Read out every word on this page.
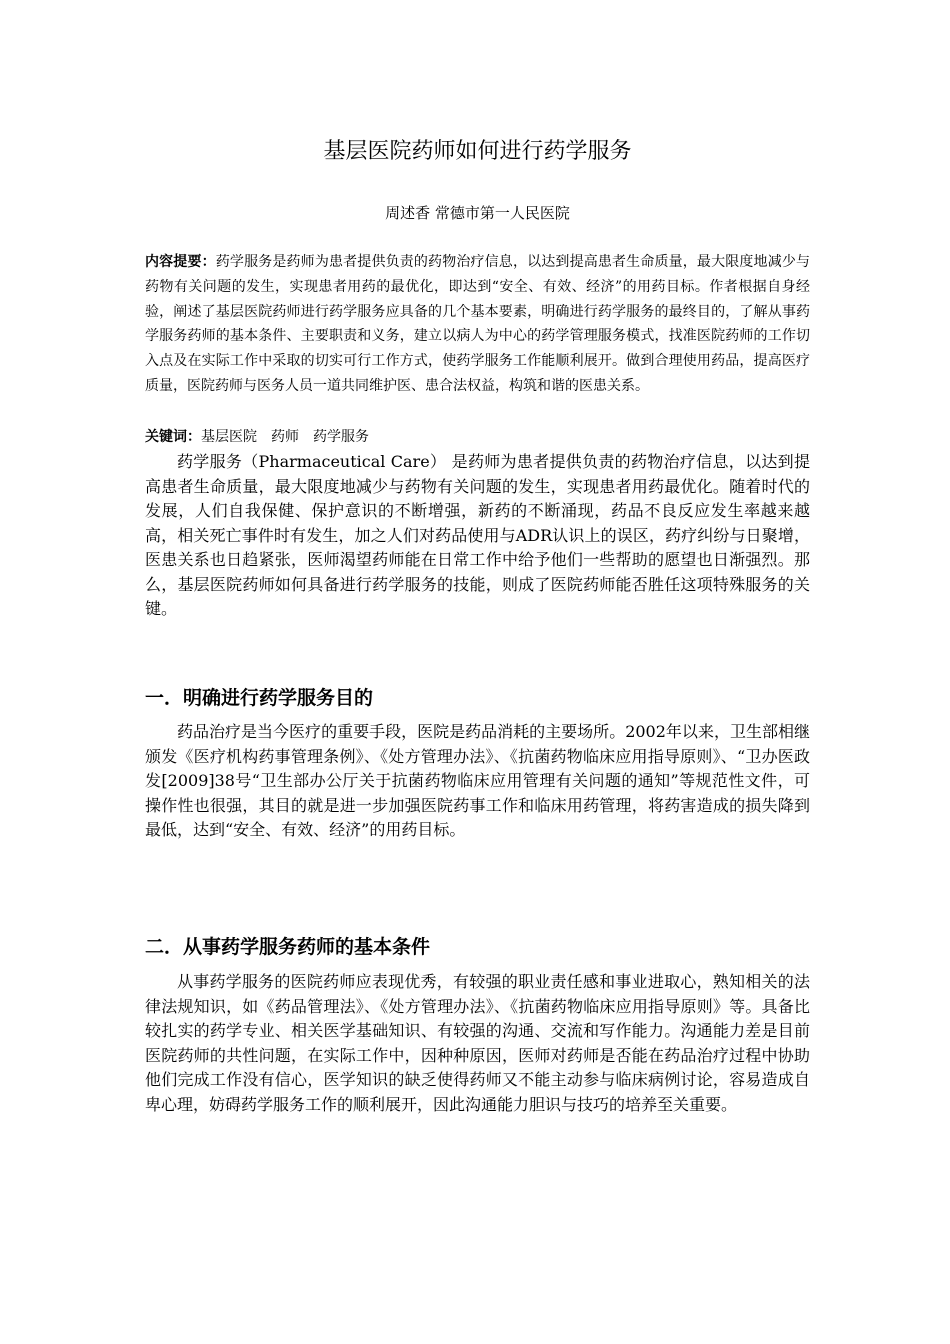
基层医院药师如何进行药学服务
周述香 常德市第一人民医院

内容提要：药学服务是药师为患者提供负责的药物治疗信息，以达到提高患者生命质量，最大限度地减少与药物有关问题的发生，实现患者用药的最优化，即达到“安全、有效、经济”的用药目标。作者根据自身经验，阐述了基层医院药师进行药学服务应具备的几个基本要素，明确进行药学服务的最终目的，了解从事药学服务药师的基本条件、主要职责和义务，建立以病人为中心的药学管理服务模式，找准医院药师的工作切入点及在实际工作中采取的切实可行工作方式，使药学服务工作能顺利展开。做到合理使用药品，提高医疗质量，医院药师与医务人员一道共同维护医、患合法权益，构筑和谐的医患关系。

关键词：基层医院 药师 药学服务

药学服务（Pharmaceutical Care） 是药师为患者提供负责的药物治疗信息，以达到提高患者生命质量，最大限度地减少与药物有关问题的发生，实现患者用药最优化。随着时代的发展，人们自我保健、保护意识的不断增强，新药的不断涌现，药品不良反应发生率越来越高，相关死亡事件时有发生，加之人们对药品使用与ADR认识上的误区，药疗纠纷与日聚增，医患关系也日趋紧张，医师渴望药师能在日常工作中给予他们一些帮助的愿望也日渐强烈。那么，基层医院药师如何具备进行药学服务的技能，则成了医院药师能否胜任这项特殊服务的关键。

一．明确进行药学服务目的

药品治疗是当今医疗的重要手段，医院是药品消耗的主要场所。2002年以来，卫生部相继颁发《医疗机构药事管理条例》、《处方管理办法》、《抗菌药物临床应用指导原则》、“卫办医政发[2009]38号“卫生部办公厅关于抗菌药物临床应用管理有关问题的通知”等规范性文件，可操作性也很强，其目的就是进一步加强医院药事工作和临床用药管理，将药害造成的损失降到最低，达到“安全、有效、经济”的用药目标。

二．从事药学服务药师的基本条件

从事药学服务的医院药师应表现优秀，有较强的职业责任感和事业进取心，熟知相关的法律法规知识，如《药品管理法》、《处方管理办法》、《抗菌药物临床应用指导原则》等。具备比较扎实的药学专业、相关医学基础知识、有较强的沟通、交流和写作能力。沟通能力差是目前医院药师的共性问题，在实际工作中，因种种原因，医师对药师是否能在药品治疗过程中协助他们完成工作没有信心，医学知识的缺乏使得药师又不能主动参与临床病例讨论，容易造成自卑心理，妨碍药学服务工作的顺利展开，因此沟通能力胆识与技巧的培养至关重要。
